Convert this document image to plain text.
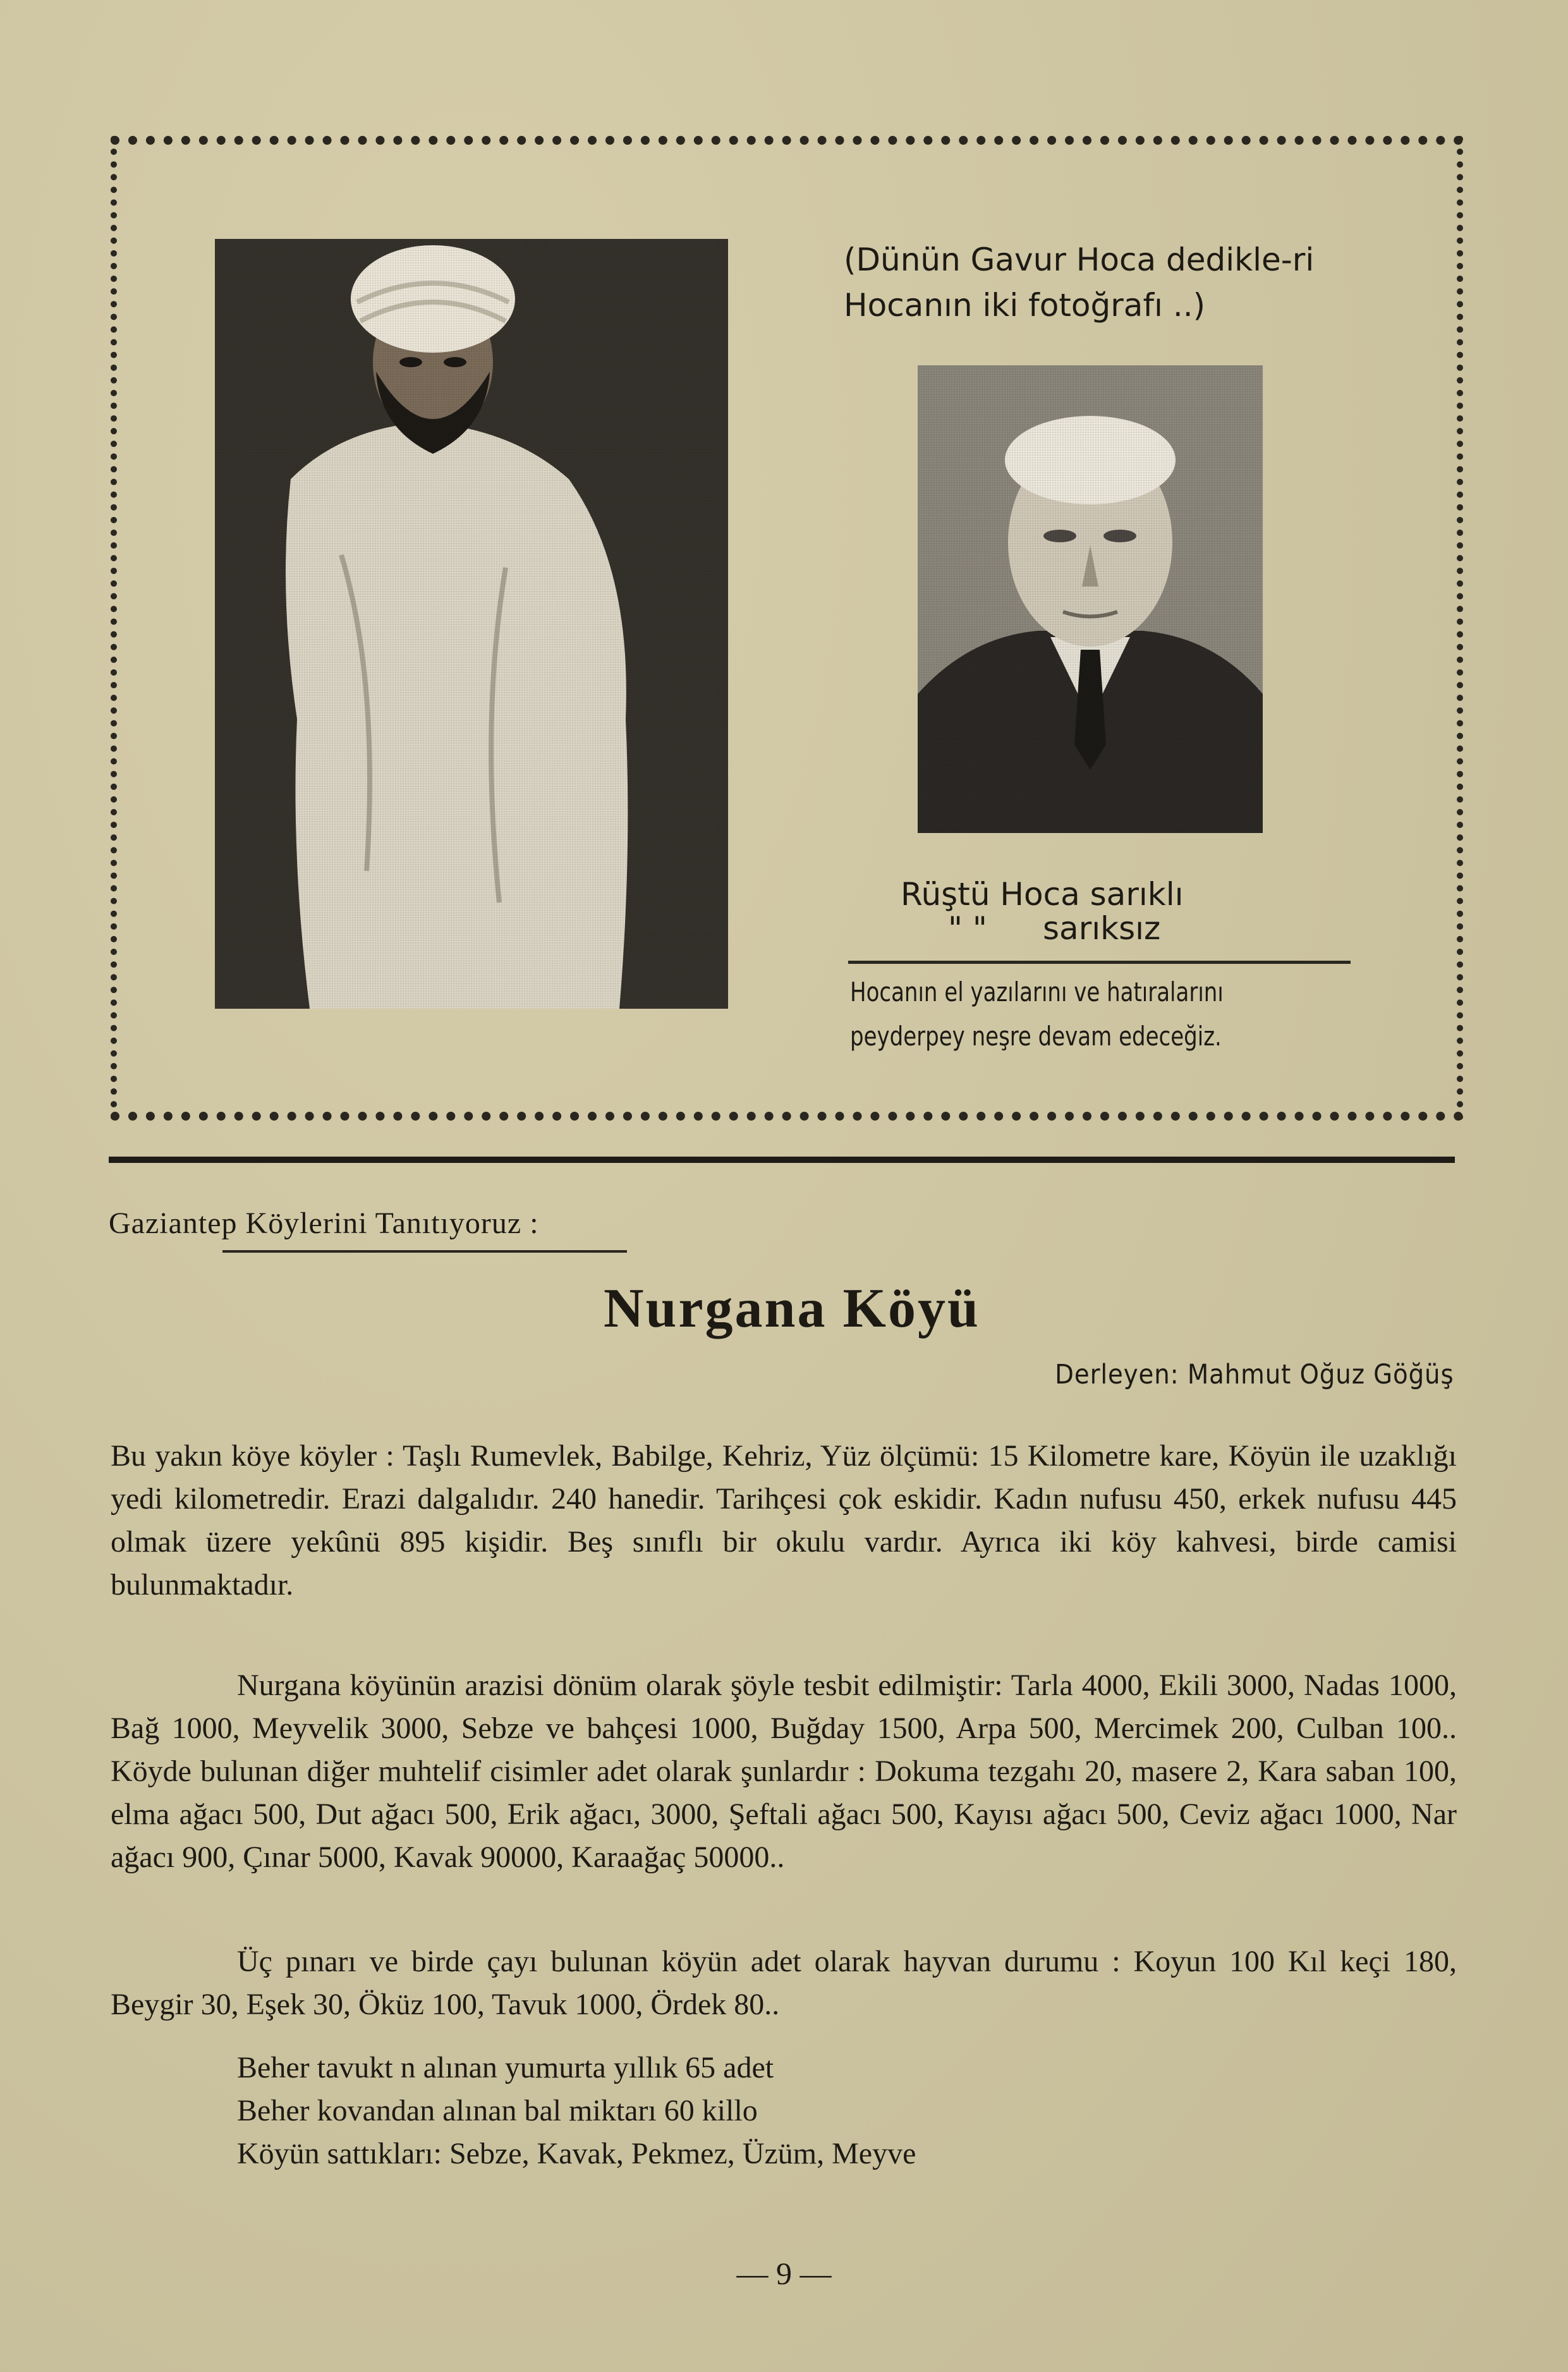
(Dünün Gavur Hoca dedikle-ri Hocanın iki fotoğrafı ..)
Rüştü Hoca sarıklı
" " sarıksız
Hocanın el yazılarını ve hatıralarını peyderpey neşre devam edeceğiz.
Gaziantep Köylerini Tanıtıyoruz :
Nurgana Köyü
Derleyen: Mahmut Oğuz Göğüş
Bu yakın köye köyler : Taşlı Rumevlek, Babilge, Kehriz, Yüz ölçümü: 15 Kilometre kare, Köyün ile uzaklığı yedi kilometredir. Erazi dalgalıdır. 240 hanedir. Tarihçesi çok eskidir. Kadın nufusu 450, erkek nufusu 445 olmak üzere yekûnü 895 kişidir. Beş sınıflı bir okulu vardır. Ayrıca iki köy kahvesi, birde camisi bulunmaktadır.
Nurgana köyünün arazisi dönüm olarak şöyle tesbit edilmiştir: Tarla 4000, Ekili 3000, Nadas 1000, Bağ 1000, Meyvelik 3000, Sebze ve bahçesi 1000, Buğday 1500, Arpa 500, Mercimek 200, Culban 100.. Köyde bulunan diğer muhtelif cisimler adet olarak şunlardır : Dokuma tezgahı 20, masere 2, Kara saban 100, elma ağacı 500, Dut ağacı 500, Erik ağacı, 3000, Şeftali ağacı 500, Kayısı ağacı 500, Ceviz ağacı 1000, Nar ağacı 900, Çınar 5000, Kavak 90000, Karaağaç 50000..
Üç pınarı ve birde çayı bulunan köyün adet olarak hayvan durumu : Koyun 100 Kıl keçi 180, Beygir 30, Eşek 30, Öküz 100, Tavuk 1000, Ördek 80..
Beher tavukt n alınan yumurta yıllık 65 adet
Beher kovandan alınan bal miktarı 60 killo
Köyün sattıkları: Sebze, Kavak, Pekmez, Üzüm, Meyve
— 9 —
